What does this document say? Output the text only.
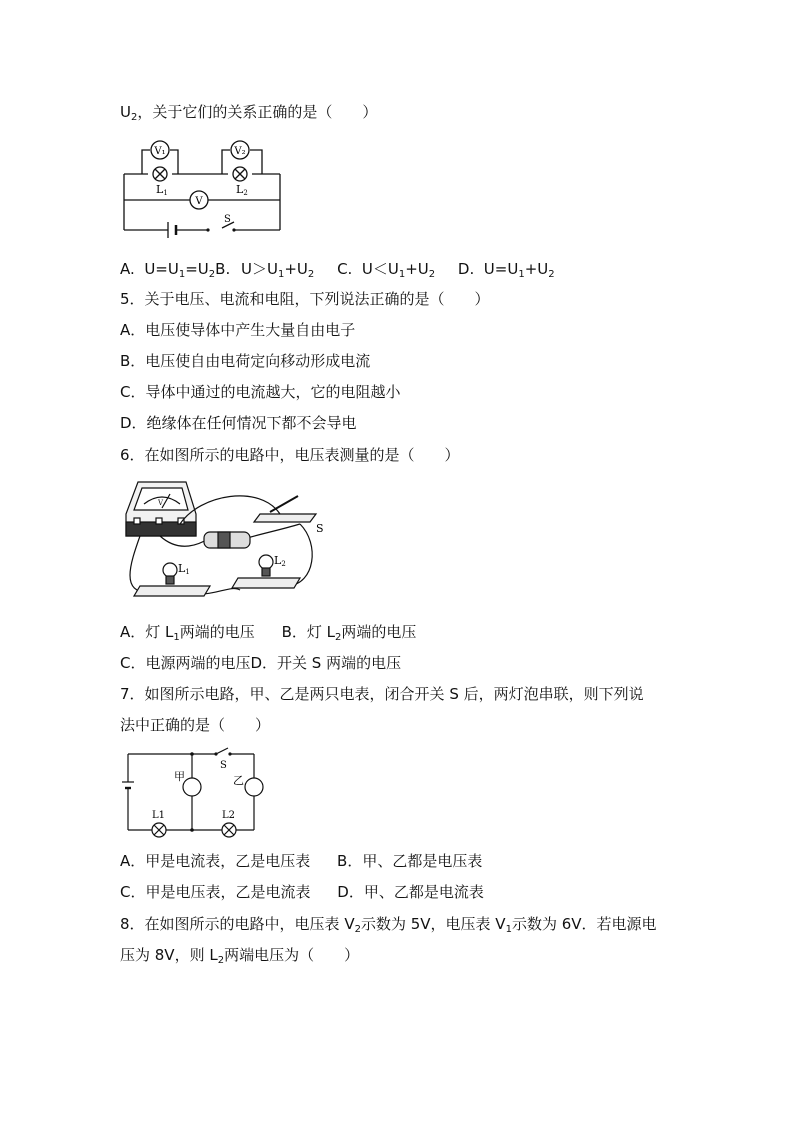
$U_2$，关于它们的关系正确的是（　　）
V₁	V₂
V
L1	L2
S
A. $U=U_1=U_2B$. $U>U_1+U_2$ C. $U<U_1+U_2$ D. $U=U_1+U_2$
5．关于电压、电流和电阻，下列说法正确的是（　　）
A．电压使导体中产生大量自由电子
B．电压使自由电荷定向移动形成电流
C．导体中通过的电流越大，它的电阻越小
D．绝缘体在任何情况下都不会导电
6．在如图所示的电路中，电压表测量的是（　　）
V
L1
L2
S
A．灯 $L_1$两端的电压 B．灯 $L_2$两端的电压
C．电源两端的电压D．开关 S 两端的电压
7．如图所示电路，甲、乙是两只电表，闭合开关 S 后，两灯泡串联，则下列说
法中正确的是（　　）
甲	乙
S
L1	L2
A．甲是电流表，乙是电压表 B．甲、乙都是电压表
C．甲是电压表，乙是电流表 D．甲、乙都是电流表
8．在如图所示的电路中，电压表 $V_2$示数为 5V，电压表 $V_1$示数为 6V．若电源电
压为 8V，则 $L_2$两端电压为（　　）
